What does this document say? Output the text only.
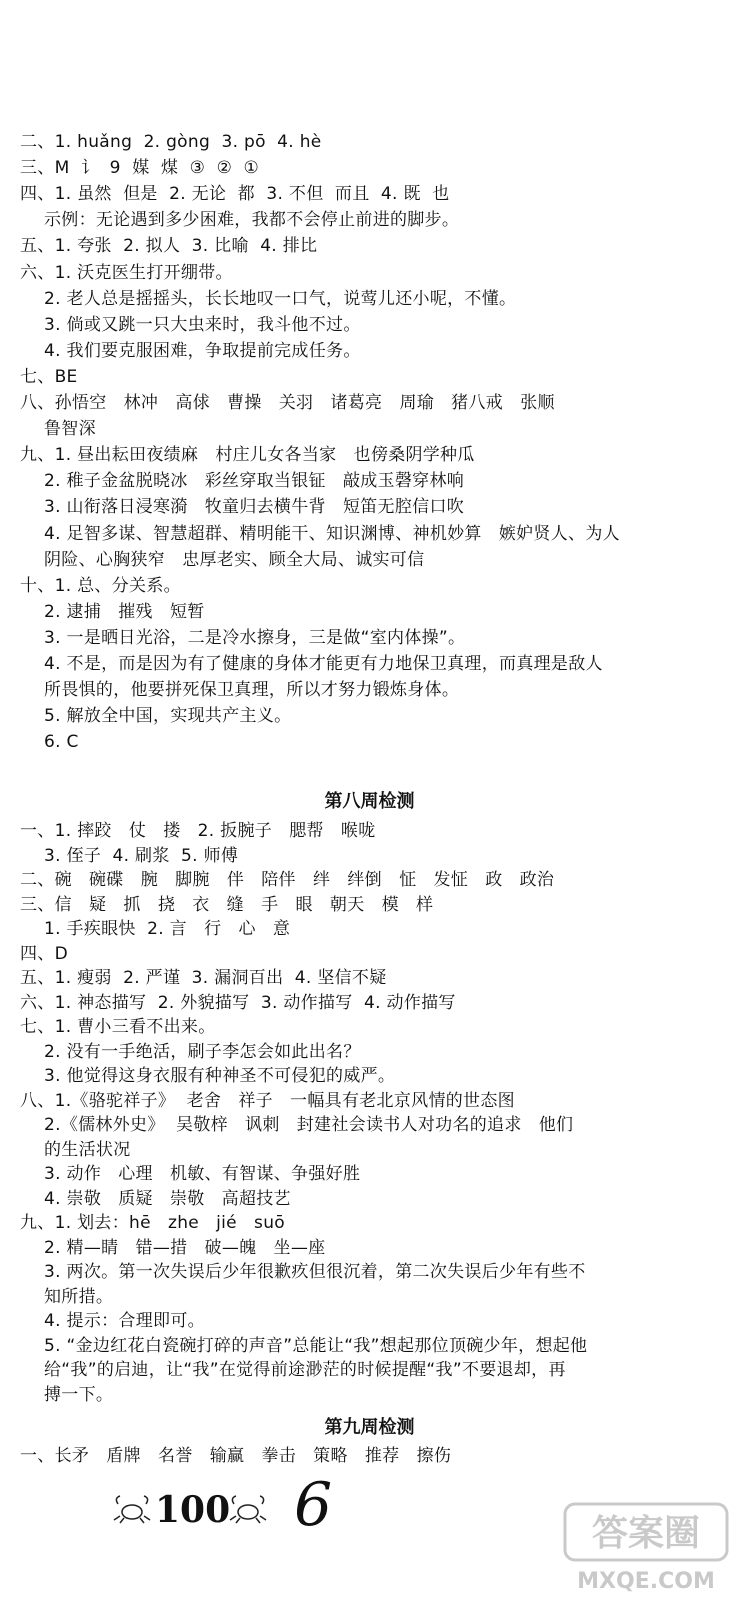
二、1. huǎng  2. gòng  3. pō  4. hè
三、M  讠  9  媒  煤  ③  ②  ①
四、1. 虽然  但是  2. 无论  都  3. 不但  而且  4. 既  也
示例：无论遇到多少困难，我都不会停止前进的脚步。
五、1. 夸张  2. 拟人  3. 比喻  4. 排比
六、1. 沃克医生打开绷带。
2. 老人总是摇摇头，长长地叹一口气，说莺儿还小呢，不懂。
3. 倘或又跳一只大虫来时，我斗他不过。
4. 我们要克服困难，争取提前完成任务。
七、BE
八、孙悟空   林冲   高俅   曹操   关羽   诸葛亮   周瑜   猪八戒   张顺
鲁智深
九、1. 昼出耘田夜绩麻   村庄儿女各当家   也傍桑阴学种瓜
2. 稚子金盆脱晓冰   彩丝穿取当银钲   敲成玉磬穿林响
3. 山衔落日浸寒漪   牧童归去横牛背   短笛无腔信口吹
4. 足智多谋、智慧超群、精明能干、知识渊博、神机妙算   嫉妒贤人、为人
阴险、心胸狭窄   忠厚老实、顾全大局、诚实可信
十、1. 总、分关系。
2. 逮捕   摧残   短暂
3. 一是晒日光浴，二是冷水擦身，三是做“室内体操”。
4. 不是，而是因为有了健康的身体才能更有力地保卫真理，而真理是敌人
所畏惧的，他要拼死保卫真理，所以才努力锻炼身体。
5. 解放全中国，实现共产主义。
6. C
第八周检测
一、1. 摔跤   仗   搂   2. 扳腕子   腮帮   喉咙
3. 侄子  4. 刷浆  5. 师傅
二、碗   碗碟   腕   脚腕   伴   陪伴   绊   绊倒   怔   发怔   政   政治
三、信   疑   抓   挠   衣   缝   手   眼   朝天   模   样
1. 手疾眼快  2. 言   行   心   意
四、D
五、1. 瘦弱  2. 严谨  3. 漏洞百出  4. 坚信不疑
六、1. 神态描写  2. 外貌描写  3. 动作描写  4. 动作描写
七、1. 曹小三看不出来。
2. 没有一手绝活，刷子李怎会如此出名？
3. 他觉得这身衣服有种神圣不可侵犯的威严。
八、1.《骆驼祥子》  老舍   祥子   一幅具有老北京风情的世态图
2.《儒林外史》  吴敬梓   讽刺   封建社会读书人对功名的追求   他们
的生活状况
3. 动作   心理   机敏、有智谋、争强好胜
4. 崇敬   质疑   崇敬   高超技艺
九、1. 划去：hē   zhe   jié   suō
2. 精—睛   错—措   破—魄   坐—座
3. 两次。第一次失误后少年很歉疚但很沉着，第二次失误后少年有些不
知所措。
4. 提示：合理即可。
5. “金边红花白瓷碗打碎的声音”总能让“我”想起那位顶碗少年，想起他
给“我”的启迪，让“我”在觉得前途渺茫的时候提醒“我”不要退却，再
搏一下。
第九周检测
一、长矛   盾牌   名誉   输赢   拳击   策略   推荐   擦伤
100 6	答案圈
MXQE.COM
